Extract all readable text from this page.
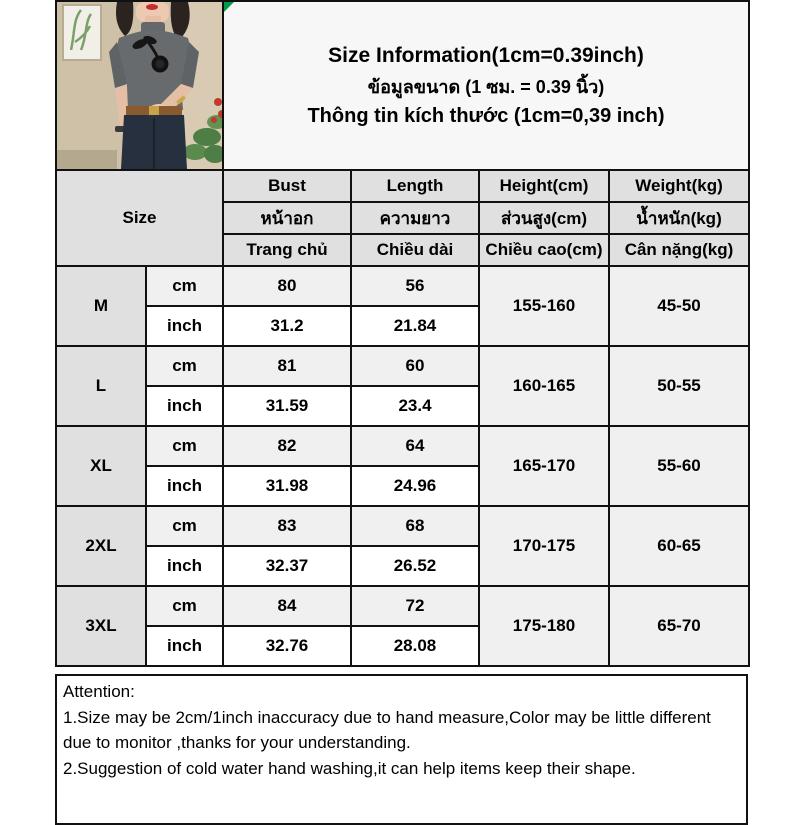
Size Information(1cm=0.39inch)
ข้อมูลขนาด (1 ซม. = 0.39 นิ้ว)
Thông tin kích thước (1cm=0,39 inch)			

Size		Bust	Length	Height(cm)	Weight(kg)
		หน้าอก	ความยาว	ส่วนสูง(cm)	น้ำหนัก(kg)
		Trang chủ	Chiều dài	Chiều cao(cm)	Cân nặng(kg)
M	cm	80	56	155-160	45-50
	inch	31.2	21.84		
L	cm	81	60	160-165	50-55
	inch	31.59	23.4		
XL	cm	82	64	165-170	55-60
	inch	31.98	24.96		
2XL	cm	83	68	170-175	60-65
	inch	32.37	26.52		
3XL	cm	84	72	175-180	65-70
	inch	32.76	28.08		
Attention:
1.Size may be 2cm/1inch inaccuracy due to hand measure,Color may be little different due to monitor ,thanks for your understanding.
2.Suggestion of cold water hand washing,it can help items keep their shape.
